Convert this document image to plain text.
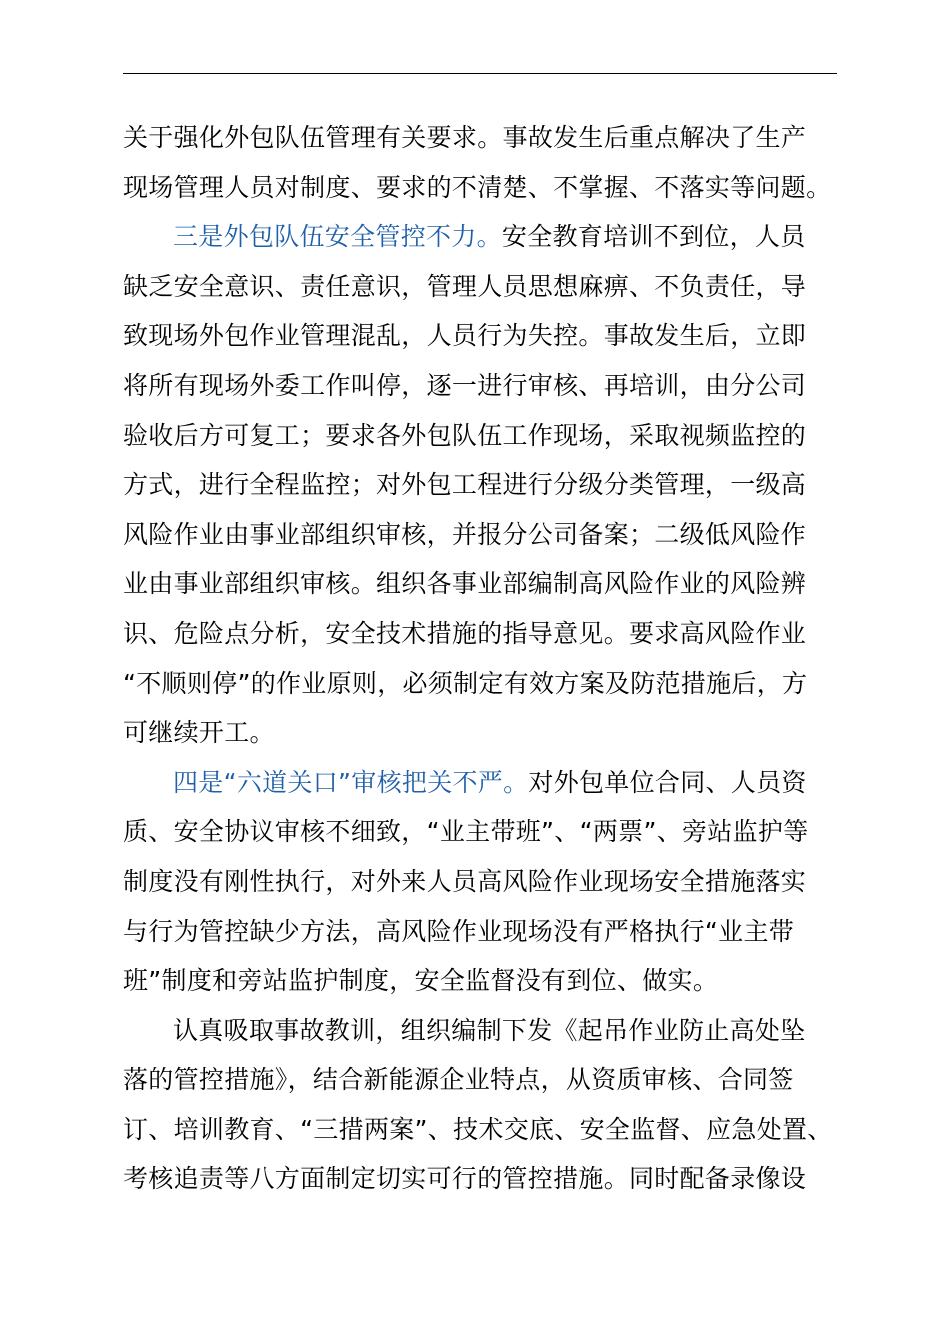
关于强化外包队伍管理有关要求。事故发生后重点解决了生产
现场管理人员对制度、要求的不清楚、不掌握、不落实等问题。
三是外包队伍安全管控不力。安全教育培训不到位，人员
缺乏安全意识、责任意识，管理人员思想麻痹、不负责任，导
致现场外包作业管理混乱，人员行为失控。事故发生后，立即
将所有现场外委工作叫停，逐一进行审核、再培训，由分公司
验收后方可复工；要求各外包队伍工作现场，采取视频监控的
方式，进行全程监控；对外包工程进行分级分类管理，一级高
风险作业由事业部组织审核，并报分公司备案；二级低风险作
业由事业部组织审核。组织各事业部编制高风险作业的风险辨
识、危险点分析，安全技术措施的指导意见。要求高风险作业
“不顺则停”的作业原则，必须制定有效方案及防范措施后，方
可继续开工。
四是“六道关口”审核把关不严。对外包单位合同、人员资
质、安全协议审核不细致，“业主带班”、“两票”、旁站监护等
制度没有刚性执行，对外来人员高风险作业现场安全措施落实
与行为管控缺少方法，高风险作业现场没有严格执行“业主带
班”制度和旁站监护制度，安全监督没有到位、做实。
认真吸取事故教训，组织编制下发《起吊作业防止高处坠
落的管控措施》，结合新能源企业特点，从资质审核、合同签
订、培训教育、“三措两案”、技术交底、安全监督、应急处置、
考核追责等八方面制定切实可行的管控措施。同时配备录像设
